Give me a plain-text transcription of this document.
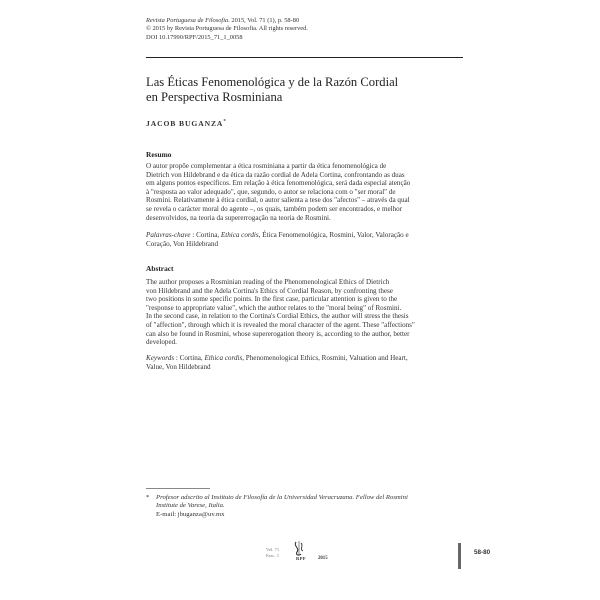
Revista Portuguesa de Filosofia. 2015, Vol. 71 (1), p. 58-80
© 2015 by Revista Portuguesa de Filosofia. All rights reserved.
DOI 10.17990/RPF/2015_71_1_0058
Las Éticas Fenomenológica y de la Razón Cordial
en Perspectiva Rosminiana
JACOB BUGANZA*
Resumo
O autor propõe complementar a ética rosminiana a partir da ética fenomenológica de
Dietrich von Hildebrand e da ética da razão cordial de Adela Cortina, confrontando as duas
em alguns pontos específicos. Em relação à ética fenomenológica, será dada especial atenção
à "resposta ao valor adequado", que, segundo, o autor se relaciona com o "ser moral" de
Rosmini. Relativamente à ética cordial, o autor salienta a tese dos "afectos" – através da qual
se revela o carácter moral do agente –, os quais, também podem ser encontrados, e melhor
desenvolvidos, na teoria da supererrogação na teoria de Rosmini.
Palavras-chave : Cortina, Ethica cordis, Ética Fenomenológica, Rosmini, Valor, Valoração e
Coração, Von Hildebrand
Abstract
The author proposes a Rosminian reading of the Phenomenological Ethics of Dietrich
von Hildebrand and the Adela Cortina's Ethics of Cordial Reason, by confronting these
two positions in some specific points. In the first case, particular attention is given to the
"response to appropriate value", which the author relates to the "moral being" of Rosmini.
In the second case, in relation to the Cortina's Cordial Ethics, the author will stress the thesis
of "affection", through which it is revealed the moral character of the agent. These "affections"
can also be found in Rosmini, whose supererogation theory is, according to the author, better
developed.
Keywords : Cortina, Ethica cordis, Phenomenological Ethics, Rosmini, Valuation and Heart,
Value, Von Hildebrand
* Profesor adscrito al Instituto de Filosofía de la Universidad Veracruzana. Fellow del Rosmini
Institute de Varese, Italia.
E-mail: jbuganza@uv.mx
Vol. 71
Fasc. 1
RPF 2015
58-80
